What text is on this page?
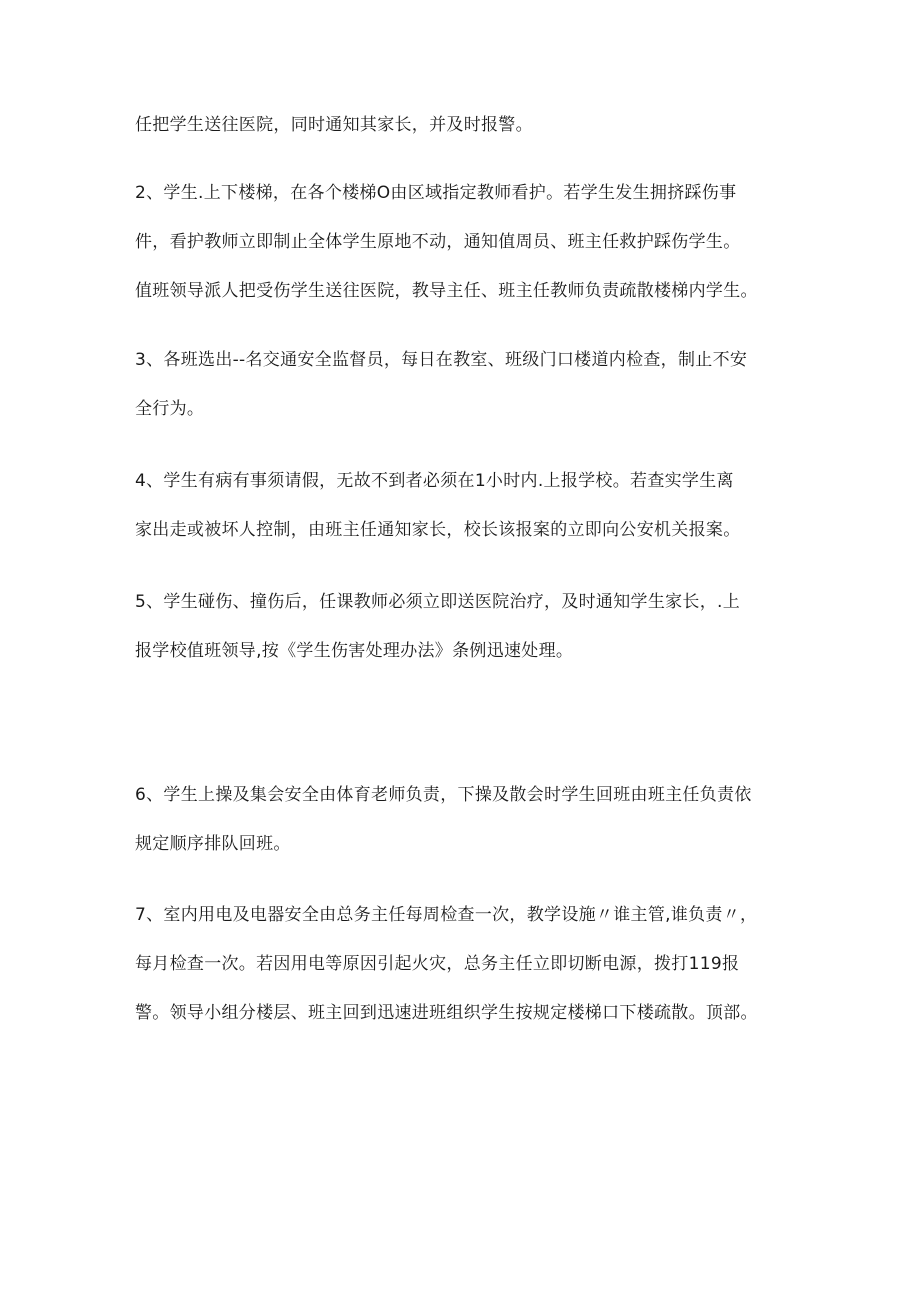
任把学生送往医院，同时通知其家长，并及时报警。
2、学生.上下楼梯，在各个楼梯O由区域指定教师看护。若学生发生拥挤踩伤事
件，看护教师立即制止全体学生原地不动，通知值周员、班主任救护踩伤学生。
值班领导派人把受伤学生送往医院，教导主任、班主任教师负责疏散楼梯内学生。
3、各班选出--名交通安全监督员，每日在教室、班级门口楼道内检查，制止不安
全行为。
4、学生有病有事须请假，无故不到者必须在1小时内.上报学校。若查实学生离
家出走或被坏人控制，由班主任通知家长，校长该报案的立即向公安机关报案。
5、学生碰伤、撞伤后，任课教师必须立即送医院治疗，及时通知学生家长，.上
报学校值班领导,按《学生伤害处理办法》条例迅速处理。
6、学生上操及集会安全由体育老师负责，下操及散会时学生回班由班主任负责依
规定顺序排队回班。
7、室内用电及电器安全由总务主任每周检查一次，教学设施〃谁主管,谁负责〃，
每月检查一次。若因用电等原因引起火灾，总务主任立即切断电源，拨打119报
警。领导小组分楼层、班主回到迅速进班组织学生按规定楼梯口下楼疏散。顶部。
